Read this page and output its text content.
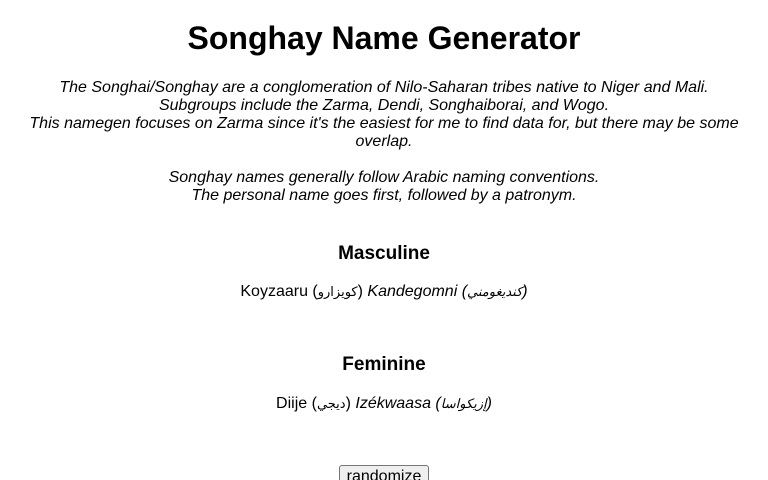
Songhay Name Generator
The Songhai/Songhay are a conglomeration of Nilo-Saharan tribes native to Niger and Mali.
Subgroups include the Zarma, Dendi, Songhaiborai, and Wogo.
This namegen focuses on Zarma since it's the easiest for me to find data for, but there may be some overlap.
Songhay names generally follow Arabic naming conventions.
The personal name goes first, followed by a patronym.
Masculine
Koyzaaru (كويزارو) Kandegomni (كنديغومني)
Feminine
Diije (ديجي) Izékwaasa (إزيكواسا)
randomize
